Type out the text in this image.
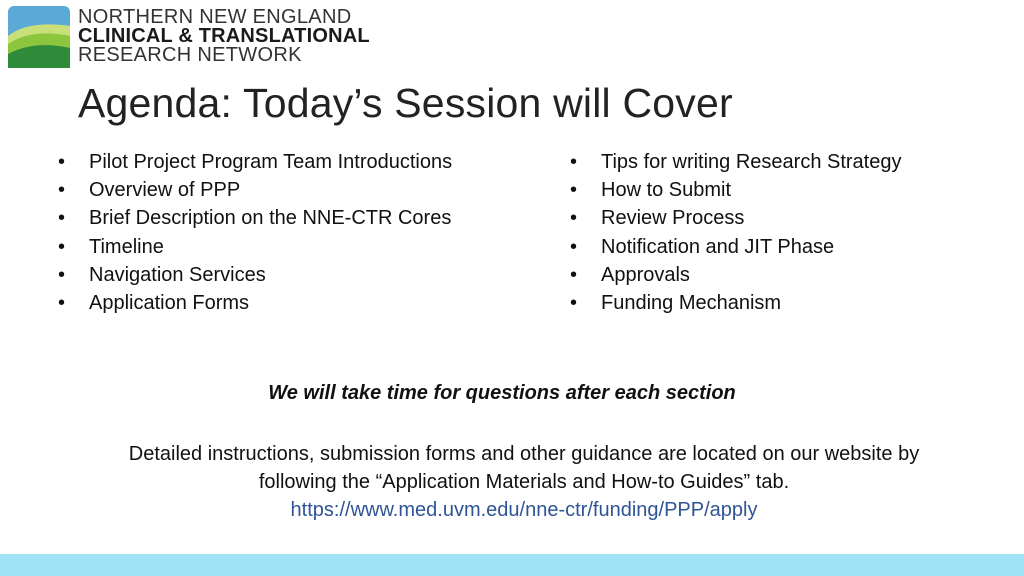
NORTHERN NEW ENGLAND
CLINICAL & TRANSLATIONAL
RESEARCH NETWORK
Agenda: Today’s Session will Cover
• Pilot Project Program Team Introductions
• Overview of PPP
• Brief Description on the NNE-CTR Cores
• Timeline
• Navigation Services
• Application Forms
• Tips for writing Research Strategy
• How to Submit
• Review Process
• Notification and JIT Phase
• Approvals
• Funding Mechanism
We will take time for questions after each section
Detailed instructions, submission forms and other guidance are located on our website by
following the “Application Materials and How-to Guides” tab.
https://www.med.uvm.edu/nne-ctr/funding/PPP/apply
